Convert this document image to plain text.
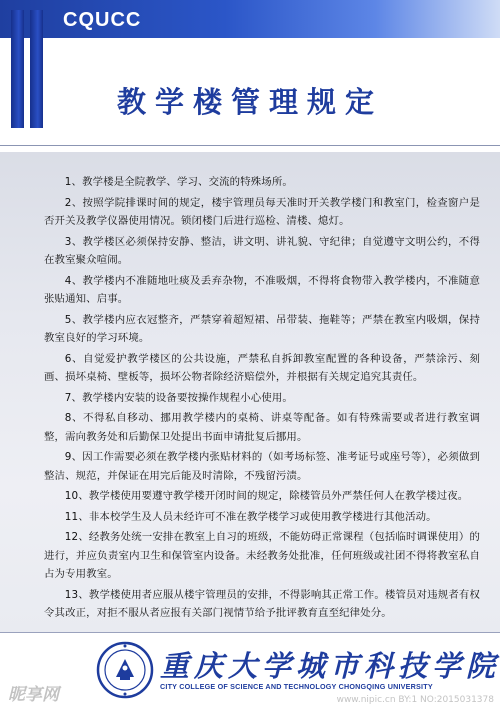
CQUCC
教学楼管理规定

1、教学楼是全院教学、学习、交流的特殊场所。

2、按照学院排课时间的规定，楼宇管理员每天准时开关教学楼门和教室门，检查窗户是否开关及教学仪器使用情况。锁闭楼门后进行巡检、清楼、熄灯。

3、教学楼区必须保持安静、整洁，讲文明、讲礼貌、守纪律；自觉遵守文明公约，不得在教室聚众喧闹。

4、教学楼内不准随地吐痰及丢弃杂物，不准吸烟，不得将食物带入教学楼内，不准随意张贴通知、启事。

5、教学楼内应衣冠整齐，严禁穿着超短裙、吊带装、拖鞋等；严禁在教室内吸烟，保持教室良好的学习环境。

6、自觉爱护教学楼区的公共设施，严禁私自拆卸教室配置的各种设备，严禁涂污、刻画、损坏桌椅、壁板等，损坏公物者除经济赔偿外，并根据有关规定追究其责任。

7、教学楼内安装的设备要按操作规程小心使用。

8、不得私自移动、挪用教学楼内的桌椅、讲桌等配备。如有特殊需要或者进行教室调整，需向教务处和后勤保卫处提出书面申请批复后挪用。

9、因工作需要必须在教学楼内张贴材料的（如考场标签、准考证号或座号等），必须做到整洁、规范，并保证在用完后能及时清除，不残留污渍。

10、教学楼使用要遵守教学楼开闭时间的规定，除楼管员外严禁任何人在教学楼过夜。

11、非本校学生及人员未经许可不准在教学楼学习或使用教学楼进行其他活动。

12、经教务处统一安排在教室上自习的班级，不能妨碍正常课程（包括临时调课使用）的进行，并应负责室内卫生和保管室内设备。未经教务处批准，任何班级或社团不得将教室私自占为专用教室。

13、教学楼使用者应服从楼宇管理员的安排，不得影响其正常工作。楼管员对违规者有权令其改正，对拒不服从者应报有关部门视情节给予批评教育直至纪律处分。

重庆大学城市科技学院
CITY COLLEGE OF SCIENCE AND TECHNOLOGY CHONGQING UNIVERSITY
昵享网	www.nipic.cn BY:1 NO:2015031378
